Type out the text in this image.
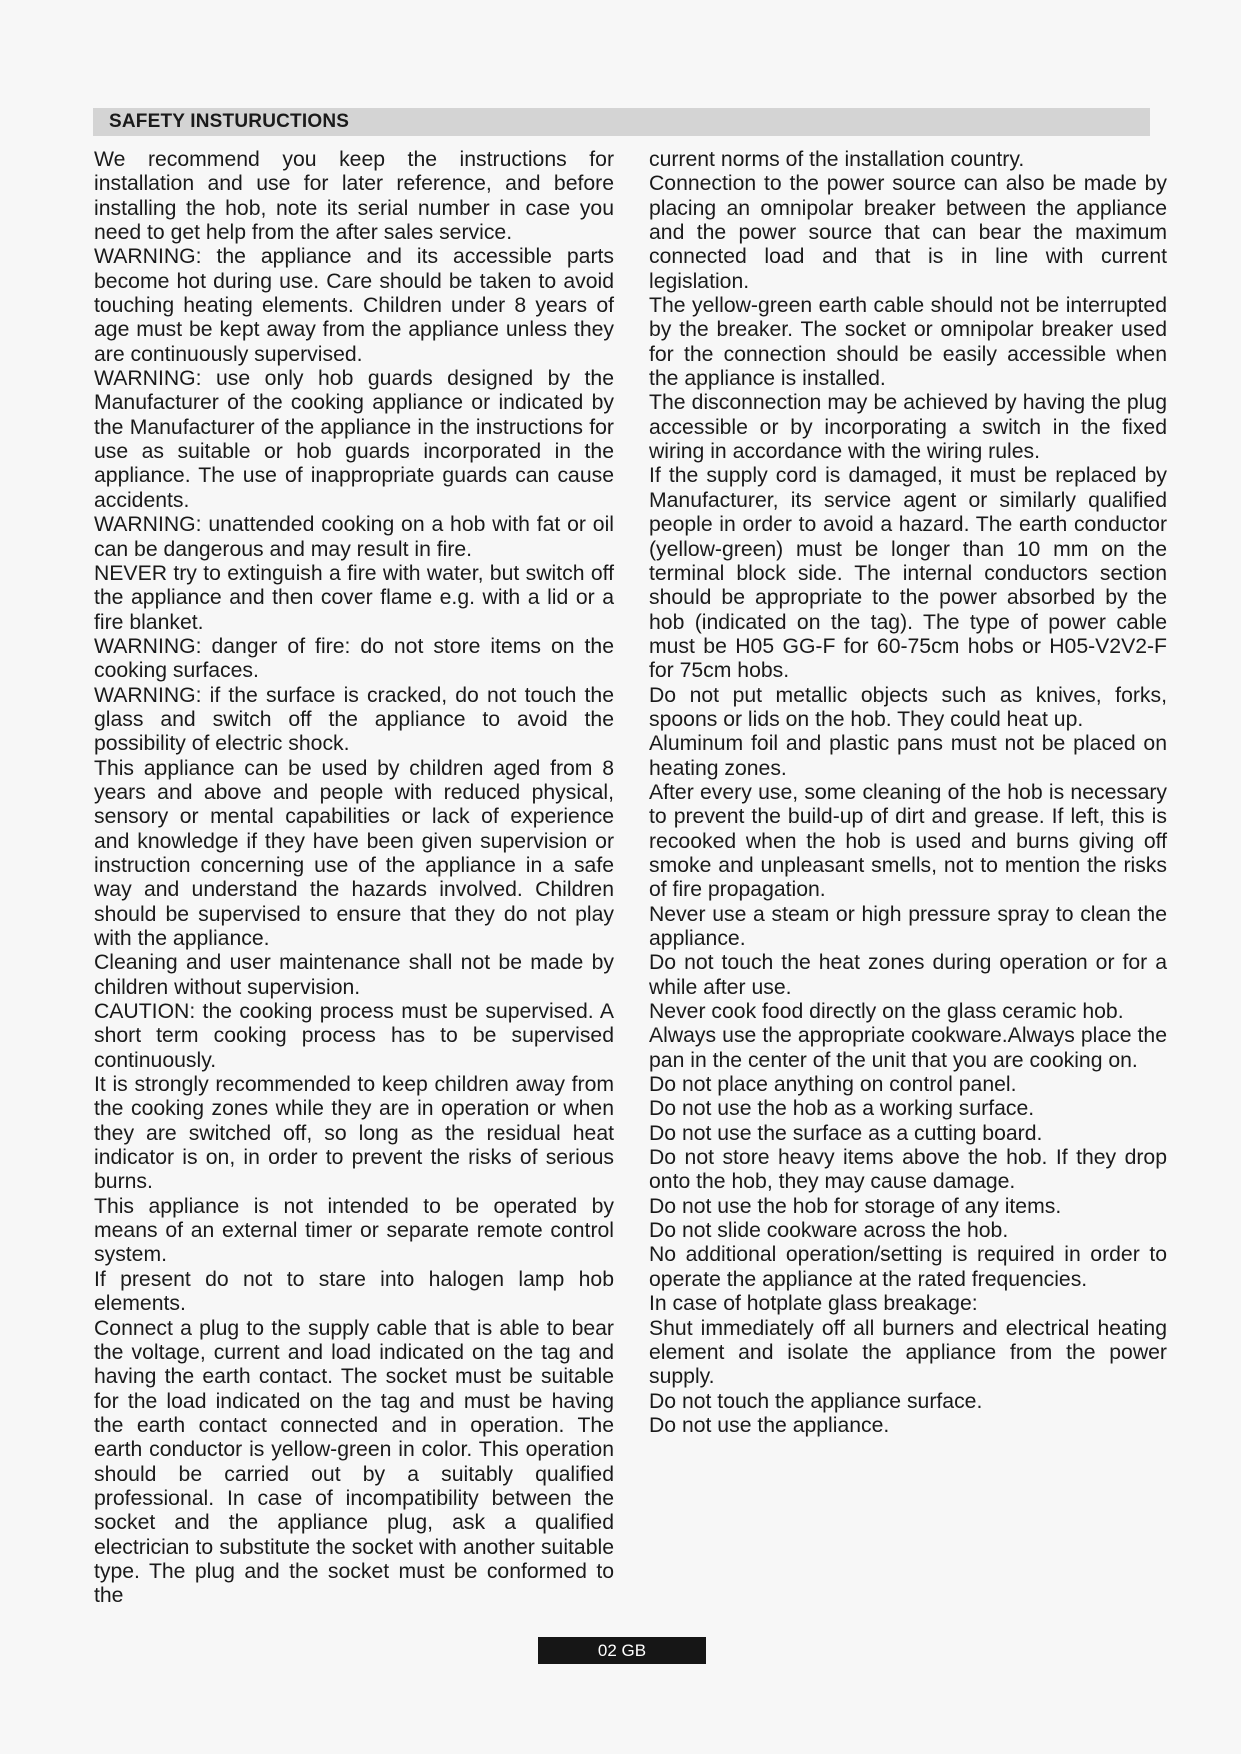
SAFETY INSTURUCTIONS

We recommend you keep the instructions for installation and use for later reference, and before installing the hob, note its serial number in case you need to get help from the after sales service.

WARNING: the appliance and its accessible parts become hot during use. Care should be taken to avoid touching heating elements. Children under 8 years of age must be kept away from the appliance unless they are continuously supervised.

WARNING: use only hob guards designed by the Manufacturer of the cooking appliance or indicated by the Manufacturer of the appliance in the instructions for use as suitable or hob guards incorporated in the appliance. The use of inappropriate guards can cause accidents.

WARNING: unattended cooking on a hob with fat or oil can be dangerous and may result in fire.

NEVER try to extinguish a fire with water, but switch off the appliance and then cover flame e.g. with a lid or a fire blanket.

WARNING: danger of fire: do not store items on the cooking surfaces.

WARNING: if the surface is cracked, do not touch the glass and switch off the appliance to avoid the possibility of electric shock.

This appliance can be used by children aged from 8 years and above and people with reduced physical, sensory or mental capabilities or lack of experience and knowledge if they have been given supervision or instruction concerning use of the appliance in a safe way and understand the hazards involved. Children should be supervised to ensure that they do not play with the appliance.

Cleaning and user maintenance shall not be made by children without supervision.

CAUTION: the cooking process must be supervised. A short term cooking process has to be supervised continuously.

It is strongly recommended to keep children away from the cooking zones while they are in operation or when they are switched off, so long as the residual heat indicator is on, in order to prevent the risks of serious burns.

This appliance is not intended to be operated by means of an external timer or separate remote control system.

If present do not to stare into halogen lamp hob elements.

Connect a plug to the supply cable that is able to bear the voltage, current and load indicated on the tag and having the earth contact. The socket must be suitable for the load indicated on the tag and must be having the earth contact connected and in operation. The earth conductor is yellow-green in color. This operation should be carried out by a suitably qualified professional. In case of incompatibility between the socket and the appliance plug, ask a qualified electrician to substitute the socket with another suitable type. The plug and the socket must be conformed to the

current norms of the installation country.

Connection to the power source can also be made by placing an omnipolar breaker between the appliance and the power source that can bear the maximum connected load and that is in line with current legislation.

The yellow-green earth cable should not be interrupted by the breaker. The socket or omnipolar breaker used for the connection should be easily accessible when the appliance is installed.

The disconnection may be achieved by having the plug accessible or by incorporating a switch in the fixed wiring in accordance with the wiring rules.

If the supply cord is damaged, it must be replaced by Manufacturer, its service agent or similarly qualified people in order to avoid a hazard. The earth conductor (yellow-green) must be longer than 10 mm on the terminal block side. The internal conductors section should be appropriate to the power absorbed by the hob (indicated on the tag). The type of power cable must be H05 GG-F for 60-75cm hobs or H05-V2V2-F for 75cm hobs.

Do not put metallic objects such as knives, forks, spoons or lids on the hob. They could heat up.

Aluminum foil and plastic pans must not be placed on heating zones.

After every use, some cleaning of the hob is necessary to prevent the build-up of dirt and grease. If left, this is recooked when the hob is used and burns giving off smoke and unpleasant smells, not to mention the risks of fire propagation.

Never use a steam or high pressure spray to clean the appliance.

Do not touch the heat zones during operation or for a while after use.

Never cook food directly on the glass ceramic hob.

Always use the appropriate cookware.Always place the pan in the center of the unit that you are cooking on.

Do not place anything on control panel.

Do not use the hob as a working surface.

Do not use the surface as a cutting board.

Do not store heavy items above the hob. If they drop onto the hob, they may cause damage.

Do not use the hob for storage of any items.

Do not slide cookware across the hob.

No additional operation/setting is required in order to operate the appliance at the rated frequencies.

In case of hotplate glass breakage:

Shut immediately off all burners and electrical heating element and isolate the appliance from the power supply.

Do not touch the appliance surface.

Do not use the appliance.

02 GB
